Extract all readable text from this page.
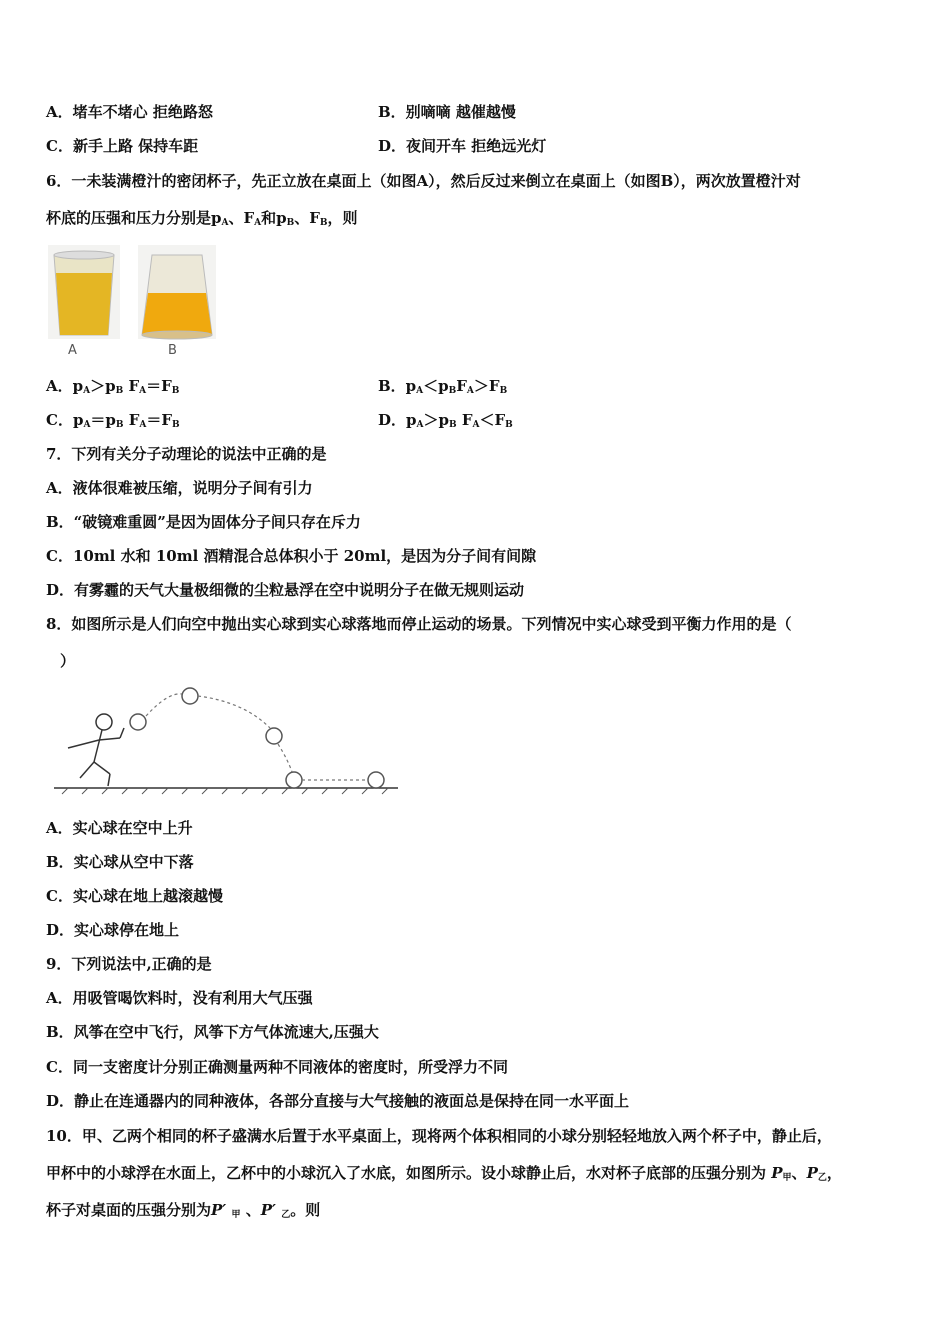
A．堵车不堵心 拒绝路怒	B．别嘀嘀 越催越慢
C．新手上路 保持车距	D．夜间开车 拒绝远光灯
6．一未装满橙汁的密闭杯子，先正立放在桌面上（如图A），然后反过来倒立在桌面上（如图B），两次放置橙汁对
杯底的压强和压力分别是$p_A$、$F_A$和$p_B$、$F_B$，则
A	B
A．$p_A>p_B$ $F_A=F_B$	B．$p_A<p_BF_A>F_B$
C．$p_A=p_B$ $F_A=F_B$	D．$p_A>p_B$ $F_A<F_B$
7．下列有关分子动理论的说法中正确的是
A．液体很难被压缩，说明分子间有引力
B．“破镜难重圆”是因为固体分子间只存在斥力
C．10ml 水和 10ml 酒精混合总体积小于 20ml，是因为分子间有间隙
D．有雾霾的天气大量极细微的尘粒悬浮在空中说明分子在做无规则运动
8．如图所示是人们向空中抛出实心球到实心球落地而停止运动的场景。下列情况中实心球受到平衡力作用的是（
）
A．实心球在空中上升
B．实心球从空中下落
C．实心球在地上越滚越慢
D．实心球停在地上
9．下列说法中,正确的是
A．用吸管喝饮料时，没有利用大气压强
B．风筝在空中飞行，风筝下方气体流速大,压强大
C．同一支密度计分别正确测量两种不同液体的密度时，所受浮力不同
D．静止在连通器内的同种液体，各部分直接与大气接触的液面总是保持在同一水平面上
10．甲、乙两个相同的杯子盛满水后置于水平桌面上，现将两个体积相同的小球分别轻轻地放入两个杯子中，静止后，
甲杯中的小球浮在水面上，乙杯中的小球沉入了水底，如图所示。设小球静止后，水对杯子底部的压强分别为 $P_甲$、$P_乙$，
杯子对桌面的压强分别为P′ $_甲$ 、P′ $_乙$。则
